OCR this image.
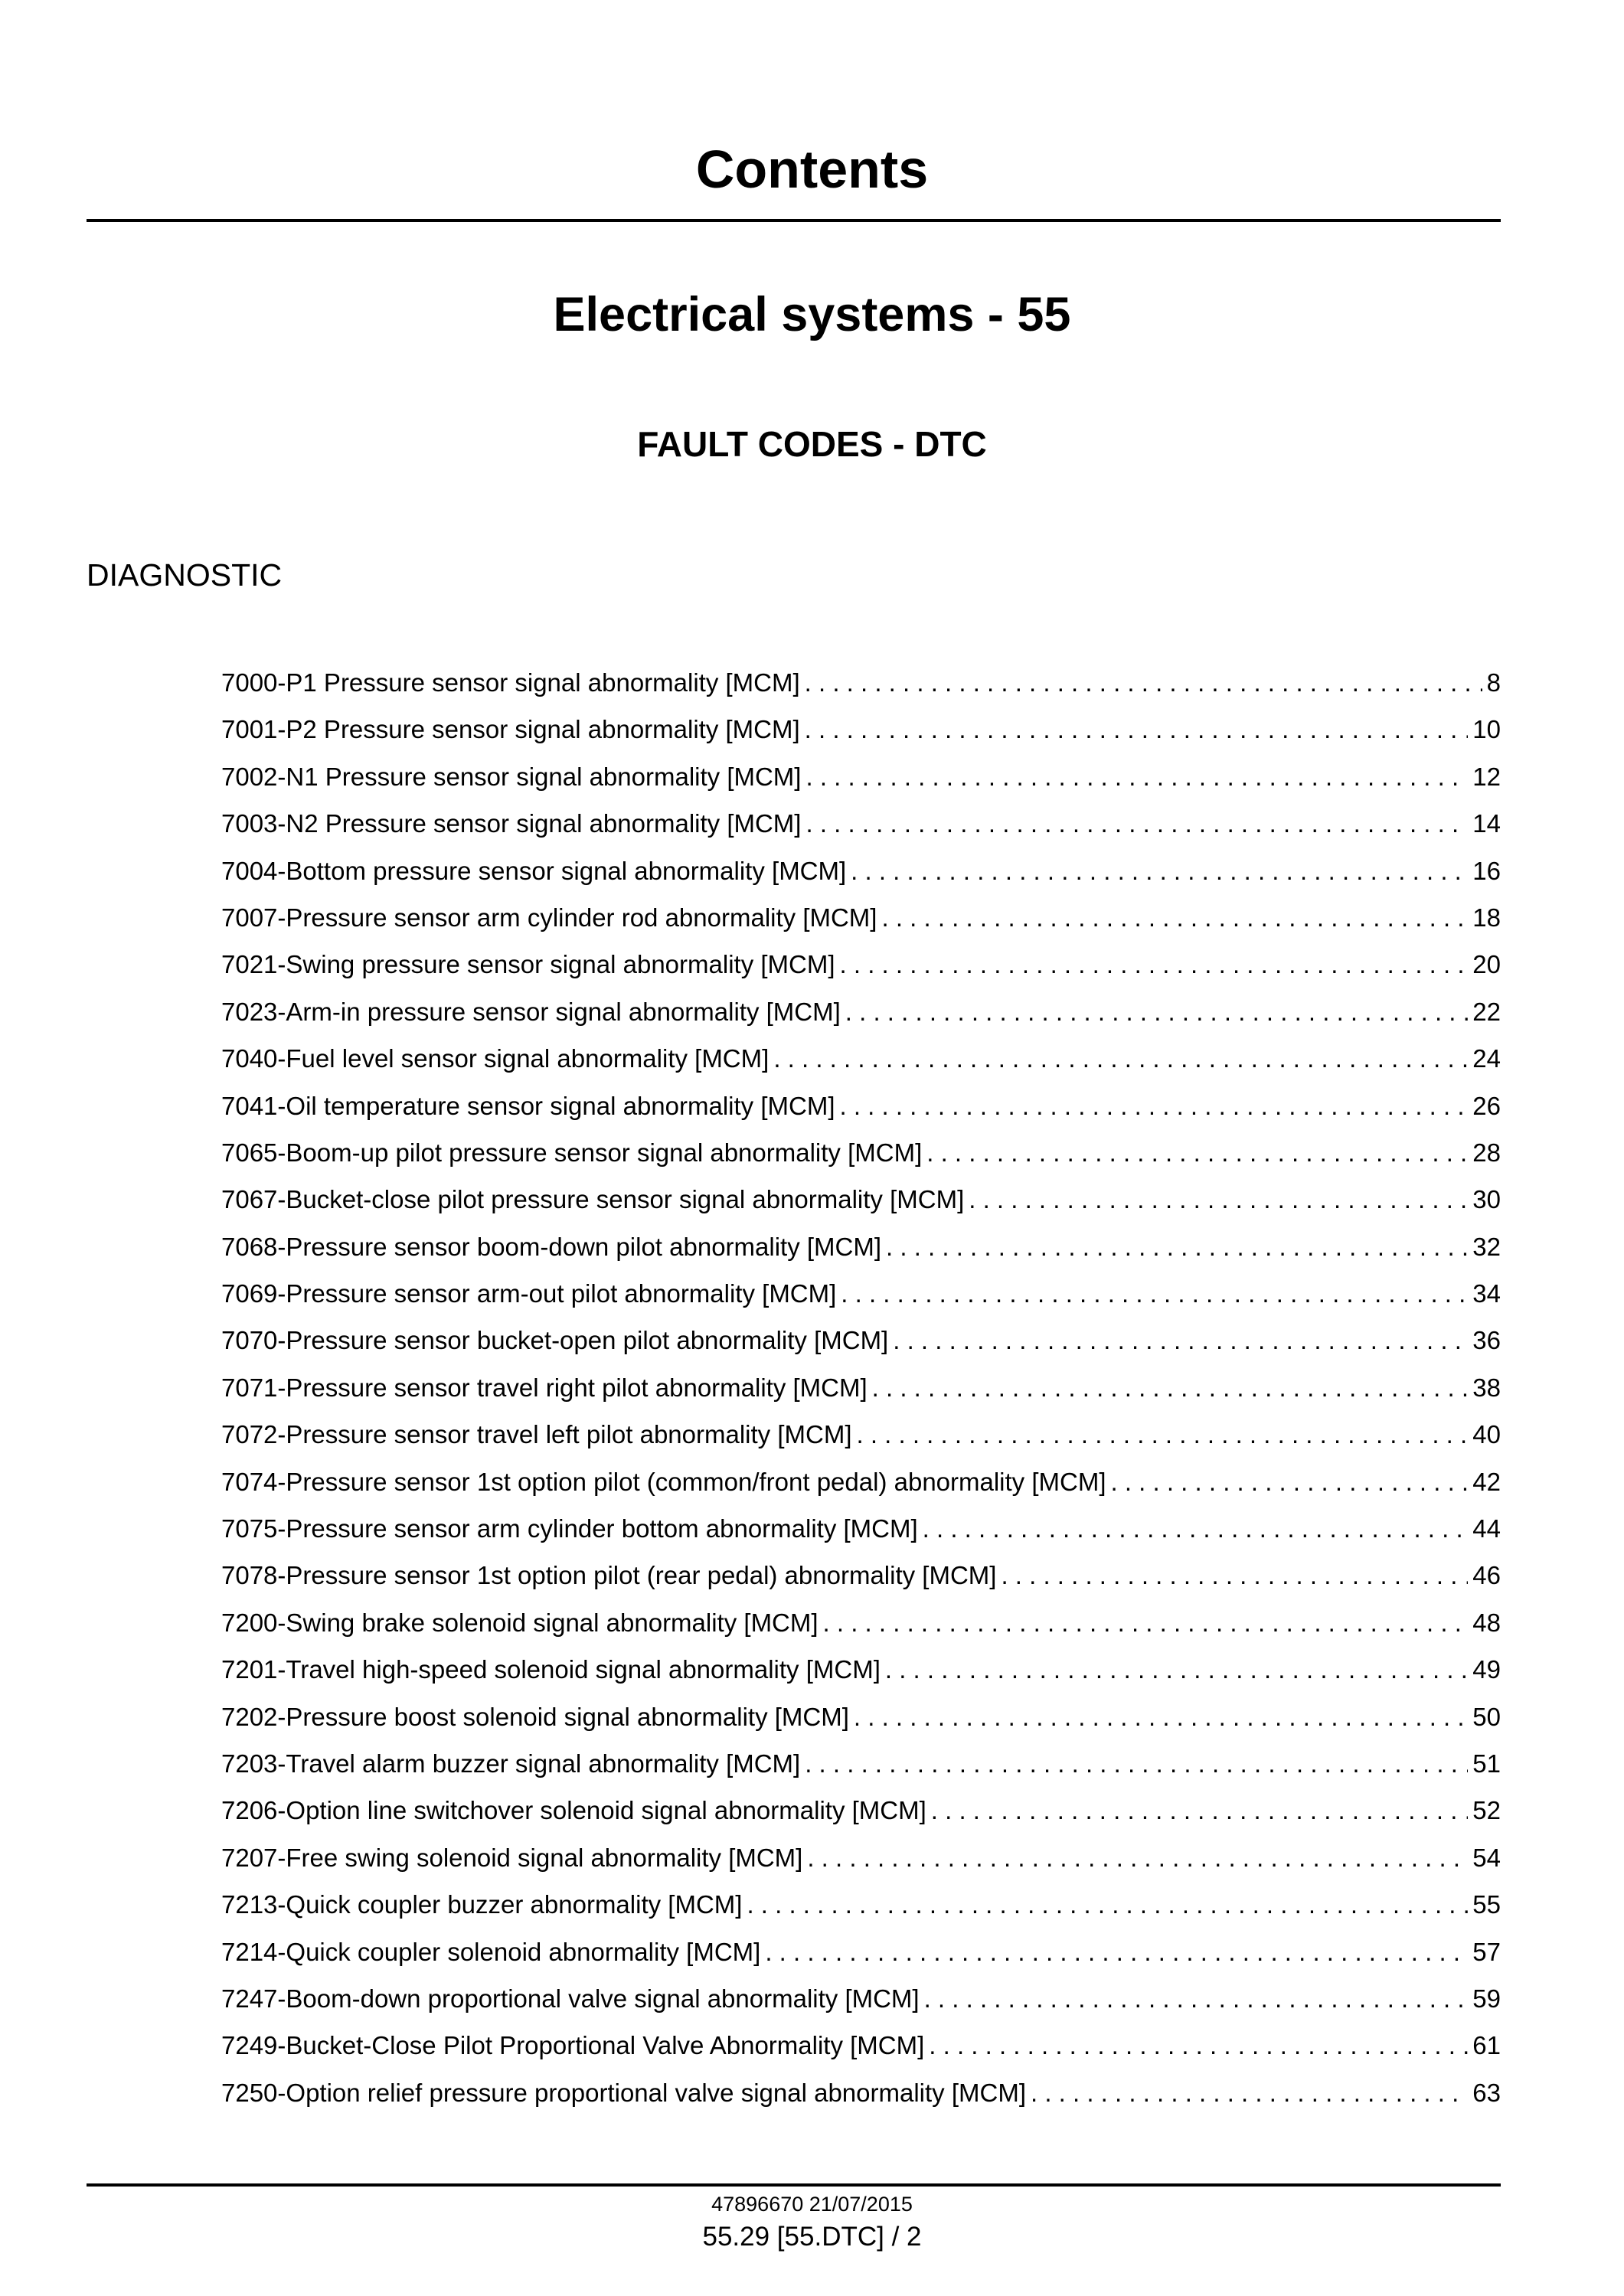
Contents
Electrical systems - 55
FAULT CODES - DTC
DIAGNOSTIC
7000-P1 Pressure sensor signal abnormality [MCM] . . .	8
7001-P2 Pressure sensor signal abnormality [MCM] . . .	10
7002-N1 Pressure sensor signal abnormality [MCM] . . .	12
7003-N2 Pressure sensor signal abnormality [MCM] . . .	14
7004-Bottom pressure sensor signal abnormality [MCM] . . .	16
7007-Pressure sensor arm cylinder rod abnormality [MCM] . . .	18
7021-Swing pressure sensor signal abnormality [MCM] . . .	20
7023-Arm-in pressure sensor signal abnormality [MCM] . . .	22
7040-Fuel level sensor signal abnormality [MCM] . . .	24
7041-Oil temperature sensor signal abnormality [MCM] . . .	26
7065-Boom-up pilot pressure sensor signal abnormality [MCM] . . .	28
7067-Bucket-close pilot pressure sensor signal abnormality [MCM] . . .	30
7068-Pressure sensor boom-down pilot abnormality [MCM] . . .	32
7069-Pressure sensor arm-out pilot abnormality [MCM] . . .	34
7070-Pressure sensor bucket-open pilot abnormality [MCM] . . .	36
7071-Pressure sensor travel right pilot abnormality [MCM] . . .	38
7072-Pressure sensor travel left pilot abnormality [MCM] . . .	40
7074-Pressure sensor 1st option pilot (common/front pedal) abnormality [MCM] . . .	42
7075-Pressure sensor arm cylinder bottom abnormality [MCM] . . .	44
7078-Pressure sensor 1st option pilot (rear pedal) abnormality [MCM] . . .	46
7200-Swing brake solenoid signal abnormality [MCM] . . .	48
7201-Travel high-speed solenoid signal abnormality [MCM] . . .	49
7202-Pressure boost solenoid signal abnormality [MCM] . . .	50
7203-Travel alarm buzzer signal abnormality [MCM] . . .	51
7206-Option line switchover solenoid signal abnormality [MCM] . . .	52
7207-Free swing solenoid signal abnormality [MCM] . . .	54
7213-Quick coupler buzzer abnormality [MCM] . . .	55
7214-Quick coupler solenoid abnormality [MCM] . . .	57
7247-Boom-down proportional valve signal abnormality [MCM] . . .	59
7249-Bucket-Close Pilot Proportional Valve Abnormality [MCM] . . .	61
7250-Option relief pressure proportional valve signal abnormality [MCM] . . .	63
47896670 21/07/2015
55.29 [55.DTC] / 2
